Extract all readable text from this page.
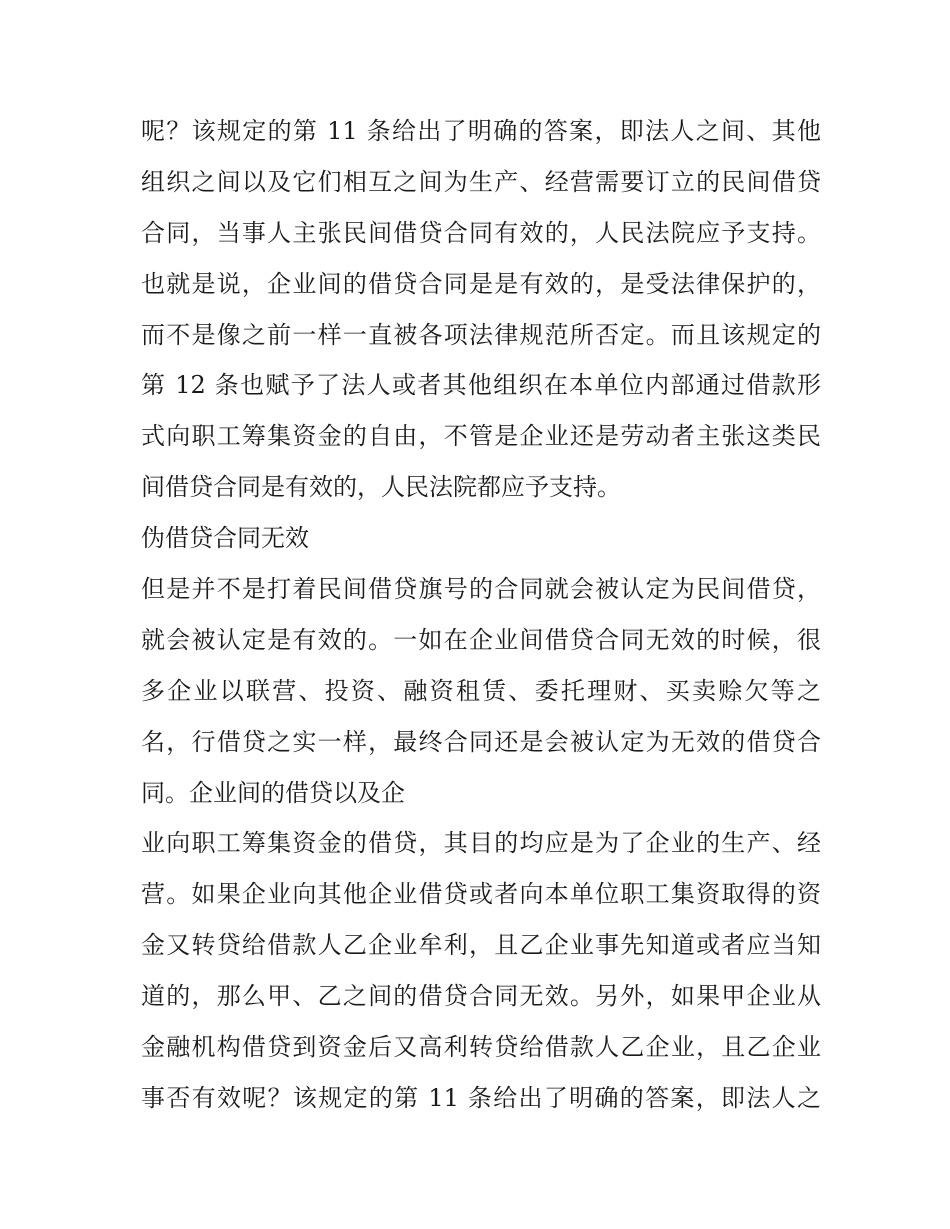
呢？该规定的第 11 条给出了明确的答案，即法人之间、其他
组织之间以及它们相互之间为生产、经营需要订立的民间借贷
合同，当事人主张民间借贷合同有效的，人民法院应予支持。
也就是说，企业间的借贷合同是是有效的，是受法律保护的，
而不是像之前一样一直被各项法律规范所否定。而且该规定的
第 12 条也赋予了法人或者其他组织在本单位内部通过借款形
式向职工筹集资金的自由，不管是企业还是劳动者主张这类民
间借贷合同是有效的，人民法院都应予支持。
伪借贷合同无效
但是并不是打着民间借贷旗号的合同就会被认定为民间借贷，
就会被认定是有效的。一如在企业间借贷合同无效的时候，很
多企业以联营、投资、融资租赁、委托理财、买卖赊欠等之
名，行借贷之实一样，最终合同还是会被认定为无效的借贷合
同。企业间的借贷以及企
业向职工筹集资金的借贷，其目的均应是为了企业的生产、经
营。如果企业向其他企业借贷或者向本单位职工集资取得的资
金又转贷给借款人乙企业牟利，且乙企业事先知道或者应当知
道的，那么甲、乙之间的借贷合同无效。另外，如果甲企业从
金融机构借贷到资金后又高利转贷给借款人乙企业，且乙企业
事否有效呢？该规定的第 11 条给出了明确的答案，即法人之
